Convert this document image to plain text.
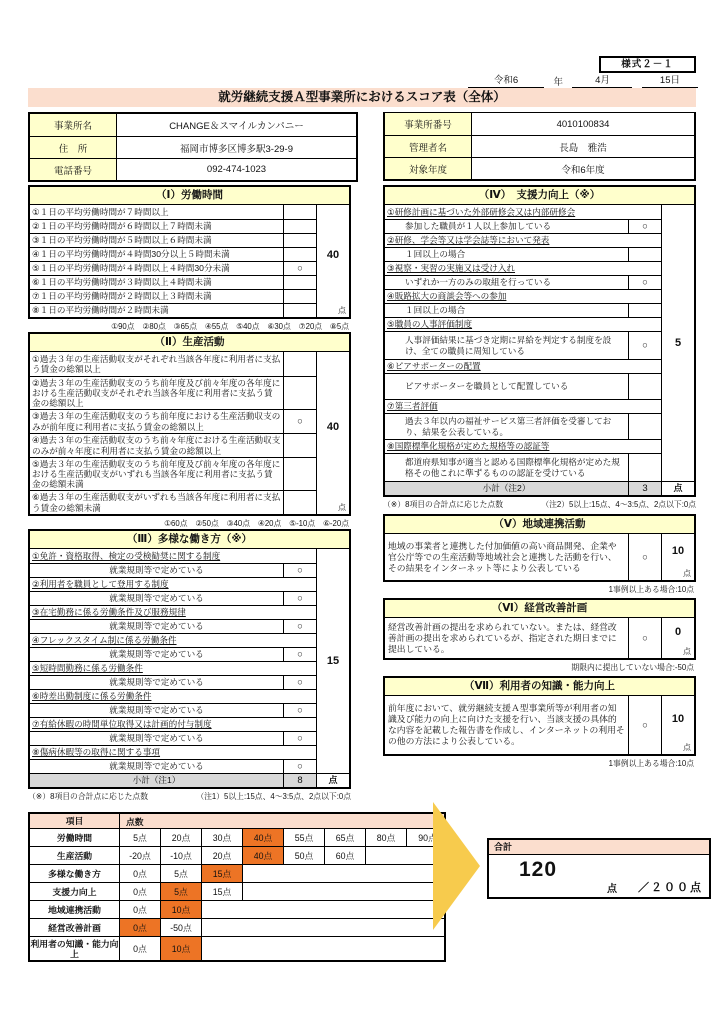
様式２－１
令和6	年	4月	15日
就労継続支援Ａ型事業所におけるスコア表（全体）
事業所名	CHANGE＆スマイルカンパニー
住　所	福岡市博多区博多駅3-29-9
電話番号	092-474-1023
事業所番号	4010100834
管理者名	長島　雅浩
対象年度	令和6年度
（Ⅰ）労働時間
①１日の平均労働時間が７時間以上
②１日の平均労働時間が６時間以上７時間未満
③１日の平均労働時間が５時間以上６時間未満
④１日の平均労働時間が４時間30分以上５時間未満
⑤１日の平均労働時間が４時間以上４時間30分未満	○
⑥１日の平均労働時間が３時間以上４時間未満
⑦１日の平均労働時間が２時間以上３時間未満
⑧１日の平均労働時間が２時間未満
40
点
①90点　②80点　③65点　④55点　⑤40点　⑥30点　⑦20点　⑧5点
（Ⅱ）生産活動
①過去３年の生産活動収支がそれぞれ当該各年度に利用者に支払う賃金の総額以上
②過去３年の生産活動収支のうち前年度及び前々年度の各年度における生産活動収支がそれぞれ当該各年度に利用者に支払う賃金の総額以上
③過去３年の生産活動収支のうち前年度における生産活動収支のみが前年度に利用者に支払う賃金の総額以上	○
④過去３年の生産活動収支のうち前々年度における生産活動収支のみが前々年度に利用者に支払う賃金の総額以上
⑤過去３年の生産活動収支のうち前年度及び前々年度の各年度における生産活動収支がいずれも当該各年度に利用者に支払う賃金の総額未満
⑥過去３年の生産活動収支がいずれも当該各年度に利用者に支払う賃金の総額未満
40
点
①60点　②50点　③40点　④20点　⑤-10点　⑥-20点
（Ⅲ）多様な働き方（※）
①免許・資格取得、検定の受検勧奨に関する制度
就業規則等で定めている	○
②利用者を職員として登用する制度
就業規則等で定めている	○
③在宅勤務に係る労働条件及び服務規律
就業規則等で定めている	○
④フレックスタイム制に係る労働条件
就業規則等で定めている	○
⑤短時間勤務に係る労働条件
就業規則等で定めている	○
⑥時差出勤制度に係る労働条件
就業規則等で定めている	○
⑦有給休暇の時間単位取得又は計画的付与制度
就業規則等で定めている	○
⑧傷病休暇等の取得に関する事項
就業規則等で定めている	○
小計（注1）	8
15
点
（※）8項目の合計点に応じた点数	（注1）5以上:15点、4～3:5点、2点以下:0点
（Ⅳ）　支援力向上（※）
①研修計画に基づいた外部研修会又は内部研修会
参加した職員が１人以上参加している	○
②研修、学会等又は学会誌等において発表
１回以上の場合
③視察・実習の実施又は受け入れ
いずれか一方のみの取組を行っている	○
④販路拡大の商談会等への参加
１回以上の場合
⑤職員の人事評価制度
人事評価結果に基づき定期に昇給を判定する制度を設け、全ての職員に周知している	○
⑥ピアサポーターの配置
ピアサポーターを職員として配置している
⑦第三者評価
過去３年以内の福祉サービス第三者評価を受審しており、結果を公表している。
⑧国際標準化規格が定めた規格等の認証等
都道府県知事が適当と認める国際標準化規格が定めた規格その他これに準ずるものの認証を受けている
小計（注2）	3
5
点
（※）8項目の合計点に応じた点数	（注2）5以上:15点、4～3:5点、2点以下:0点
（Ⅴ）地域連携活動
地域の事業者と連携した付加価値の高い商品開発、企業や官公庁等での生産活動等地域社会と連携した活動を行い、その結果をインターネット等により公表している
○	10
点
1事例以上ある場合:10点
（Ⅵ）経営改善計画
経営改善計画の提出を求められていない。または、経営改善計画の提出を求められているが、指定された期日までに提出している。
○	0
点
期限内に提出していない場合:-50点
（Ⅶ）利用者の知識・能力向上
前年度において、就労継続支援Ａ型事業所等が利用者の知識及び能力の向上に向けた支援を行い、当該支援の具体的な内容を記載した報告書を作成し、インターネットの利用その他の方法により公表している。
○	10
点
1事例以上ある場合:10点
項目	点数
労働時間	5点	20点	30点	40点	55点	65点	80点	90点
生産活動	-20点	-10点	20点	40点	50点	60点
多様な働き方	0点	5点	15点
支援力向上	0点	5点	15点
地域連携活動	0点	10点
経営改善計画	0点	-50点
利用者の知識・能力向上	0点	10点
合計
120
点 ／２００点
